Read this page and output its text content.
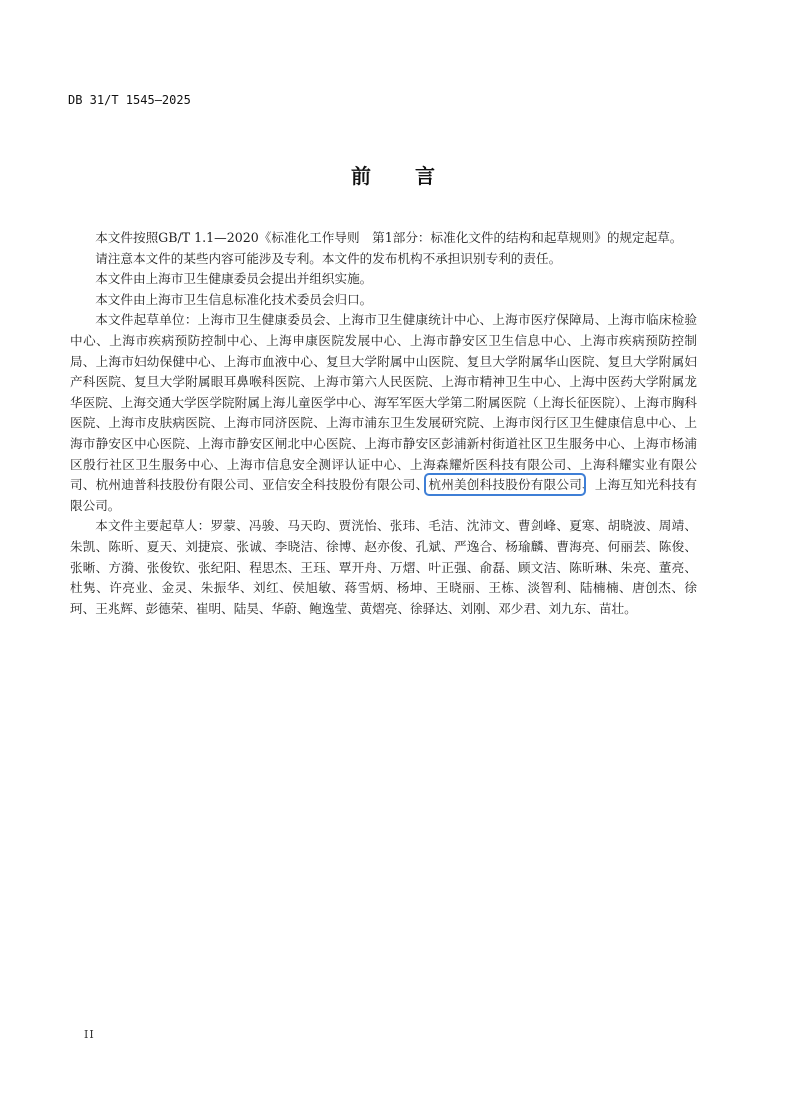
DB 31/T 1545—2025
前 言

本文件按照GB/T 1.1—2020《标准化工作导则　第1部分：标准化文件的结构和起草规则》的规定起草。

请注意本文件的某些内容可能涉及专利。本文件的发布机构不承担识别专利的责任。

本文件由上海市卫生健康委员会提出并组织实施。

本文件由上海市卫生信息标准化技术委员会归口。

本文件起草单位：上海市卫生健康委员会、上海市卫生健康统计中心、上海市医疗保障局、上海市临床检验中心、上海市疾病预防控制中心、上海申康医院发展中心、上海市静安区卫生信息中心、上海市疾病预防控制局、上海市妇幼保健中心、上海市血液中心、复旦大学附属中山医院、复旦大学附属华山医院、复旦大学附属妇产科医院、复旦大学附属眼耳鼻喉科医院、上海市第六人民医院、上海市精神卫生中心、上海中医药大学附属龙华医院、上海交通大学医学院附属上海儿童医学中心、海军军医大学第二附属医院（上海长征医院）、上海市胸科医院、上海市皮肤病医院、上海市同济医院、上海市浦东卫生发展研究院、上海市闵行区卫生健康信息中心、上海市静安区中心医院、上海市静安区闸北中心医院、上海市静安区彭浦新村街道社区卫生服务中心、上海市杨浦区殷行社区卫生服务中心、上海市信息安全测评认证中心、上海森耀炘医科技有限公司、上海科耀实业有限公司、杭州迪普科技股份有限公司、亚信安全科技股份有限公司、杭州美创科技股份有限公司、上海互知光科技有限公司。

本文件主要起草人：罗蒙、冯骏、马天昀、贾洸怡、张玮、毛洁、沈沛文、曹剑峰、夏寒、胡晓波、周靖、朱凯、陈昕、夏天、刘捷宸、张诚、李晓洁、徐博、赵亦俊、孔斌、严逸合、杨瑜麟、曹海亮、何丽芸、陈俊、张晰、方漪、张俊钦、张纪阳、程思杰、王珏、覃开舟、万熠、叶正强、俞磊、顾文洁、陈昕琳、朱亮、董亮、杜隽、许亮业、金灵、朱振华、刘红、侯旭敏、蒋雪炳、杨坤、王晓丽、王栋、淡智利、陆楠楠、唐创杰、徐珂、王兆辉、彭德荣、崔明、陆昊、华蔚、鲍逸莹、黄熠亮、徐驿达、刘刚、邓少君、刘九东、苗壮。

II
